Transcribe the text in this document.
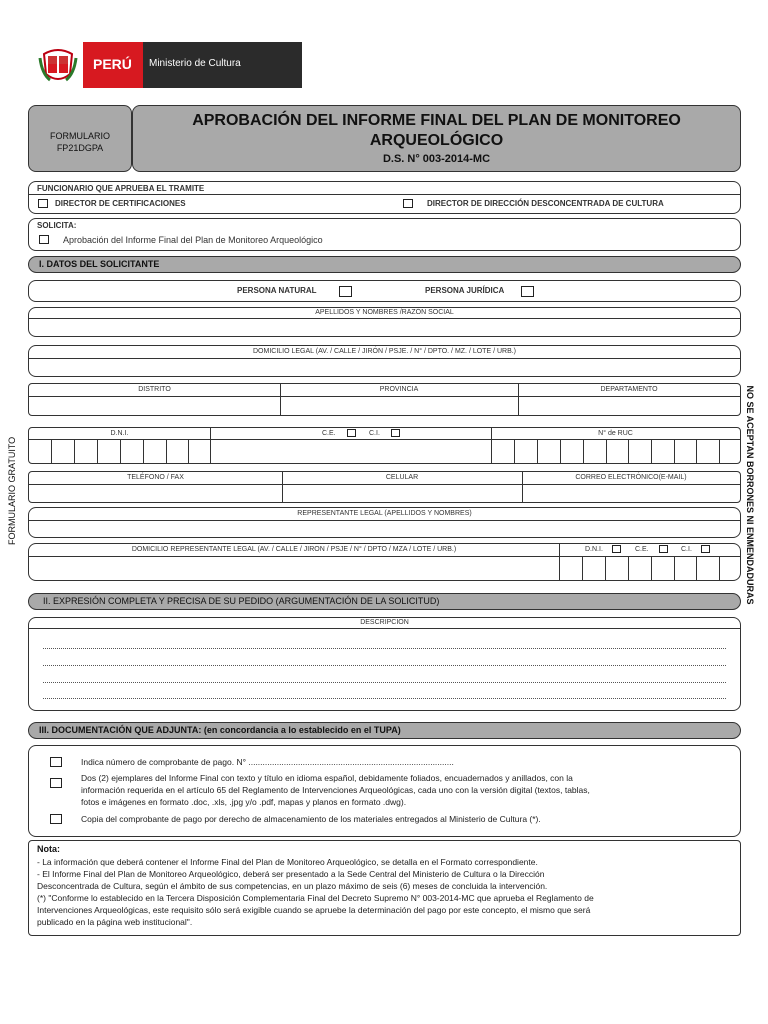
PERÚ Ministerio de Cultura
FORMULARIO
FP21DGPA
APROBACIÓN DEL INFORME FINAL DEL PLAN DE MONITOREO
ARQUEOLÓGICO
D.S. N° 003-2014-MC
FORMULARIO GRATUITO	NO SE ACEPTAN BORRONES NI ENMENDADURAS
FUNCIONARIO QUE APRUEBA EL TRAMITE
DIRECTOR DE CERTIFICACIONES	DIRECTOR DE DIRECCIÓN DESCONCENTRADA DE CULTURA
SOLICITA:
Aprobación del Informe Final del Plan de Monitoreo Arqueológico
I. DATOS DEL SOLICITANTE
PERSONA NATURAL	PERSONA JURÍDICA
APELLIDOS Y NOMBRES /RAZÓN SOCIAL
DOMICILIO LEGAL (AV. / CALLE / JIRÓN / PSJE. / N° / DPTO. / MZ. / LOTE / URB.)
DISTRITO	PROVINCIA	DEPARTAMENTO
D.N.I.	C.E.	C.I.	N° de RUC
TELÉFONO / FAX	CELULAR	CORREO ELECTRÓNICO(E-MAIL)
REPRESENTANTE LEGAL (APELLIDOS Y NOMBRES)
DOMICILIO REPRESENTANTE LEGAL (AV. / CALLE / JIRON / PSJE / N° / DPTO / MZA / LOTE / URB.)	D.N.I.	C.E.	C.I.
II. EXPRESIÓN COMPLETA Y PRECISA DE SU PEDIDO (ARGUMENTACIÓN DE LA SOLICITUD)
DESCRIPCION
III. DOCUMENTACIÓN QUE ADJUNTA: (en concordancia a lo establecido en el TUPA)
Indica número de comprobante de pago. N° .......................................................................................
Dos (2) ejemplares del Informe Final con texto y título en idioma español, debidamente foliados, encuadernados y anillados, con la
información requerida en el artículo 65 del Reglamento de Intervenciones Arqueológicas, cada uno con la versión digital (textos, tablas,
fotos e imágenes en formato .doc, .xls, .jpg y/o .pdf, mapas y planos en formato .dwg).
Copia del comprobante de pago por derecho de almacenamiento de los materiales entregados al Ministerio de Cultura (*).
Nota:
- La información que deberá contener el Informe Final del Plan de Monitoreo Arqueológico, se detalla en el Formato correspondiente.
- El Informe Final del Plan de Monitoreo Arqueológico, deberá ser presentado a la Sede Central del Ministerio de Cultura o la Dirección
Desconcentrada de Cultura, según el ámbito de sus competencias, en un plazo máximo de seis (6) meses de concluida la intervención.
(*) "Conforme lo establecido en la Tercera Disposición Complementaria Final del Decreto Supremo N° 003-2014-MC que aprueba el Reglamento de
Intervenciones Arqueológicas, este requisito sólo será exigible cuando se apruebe la determinación del pago por este concepto, el mismo que será
publicado en la página web institucional".
